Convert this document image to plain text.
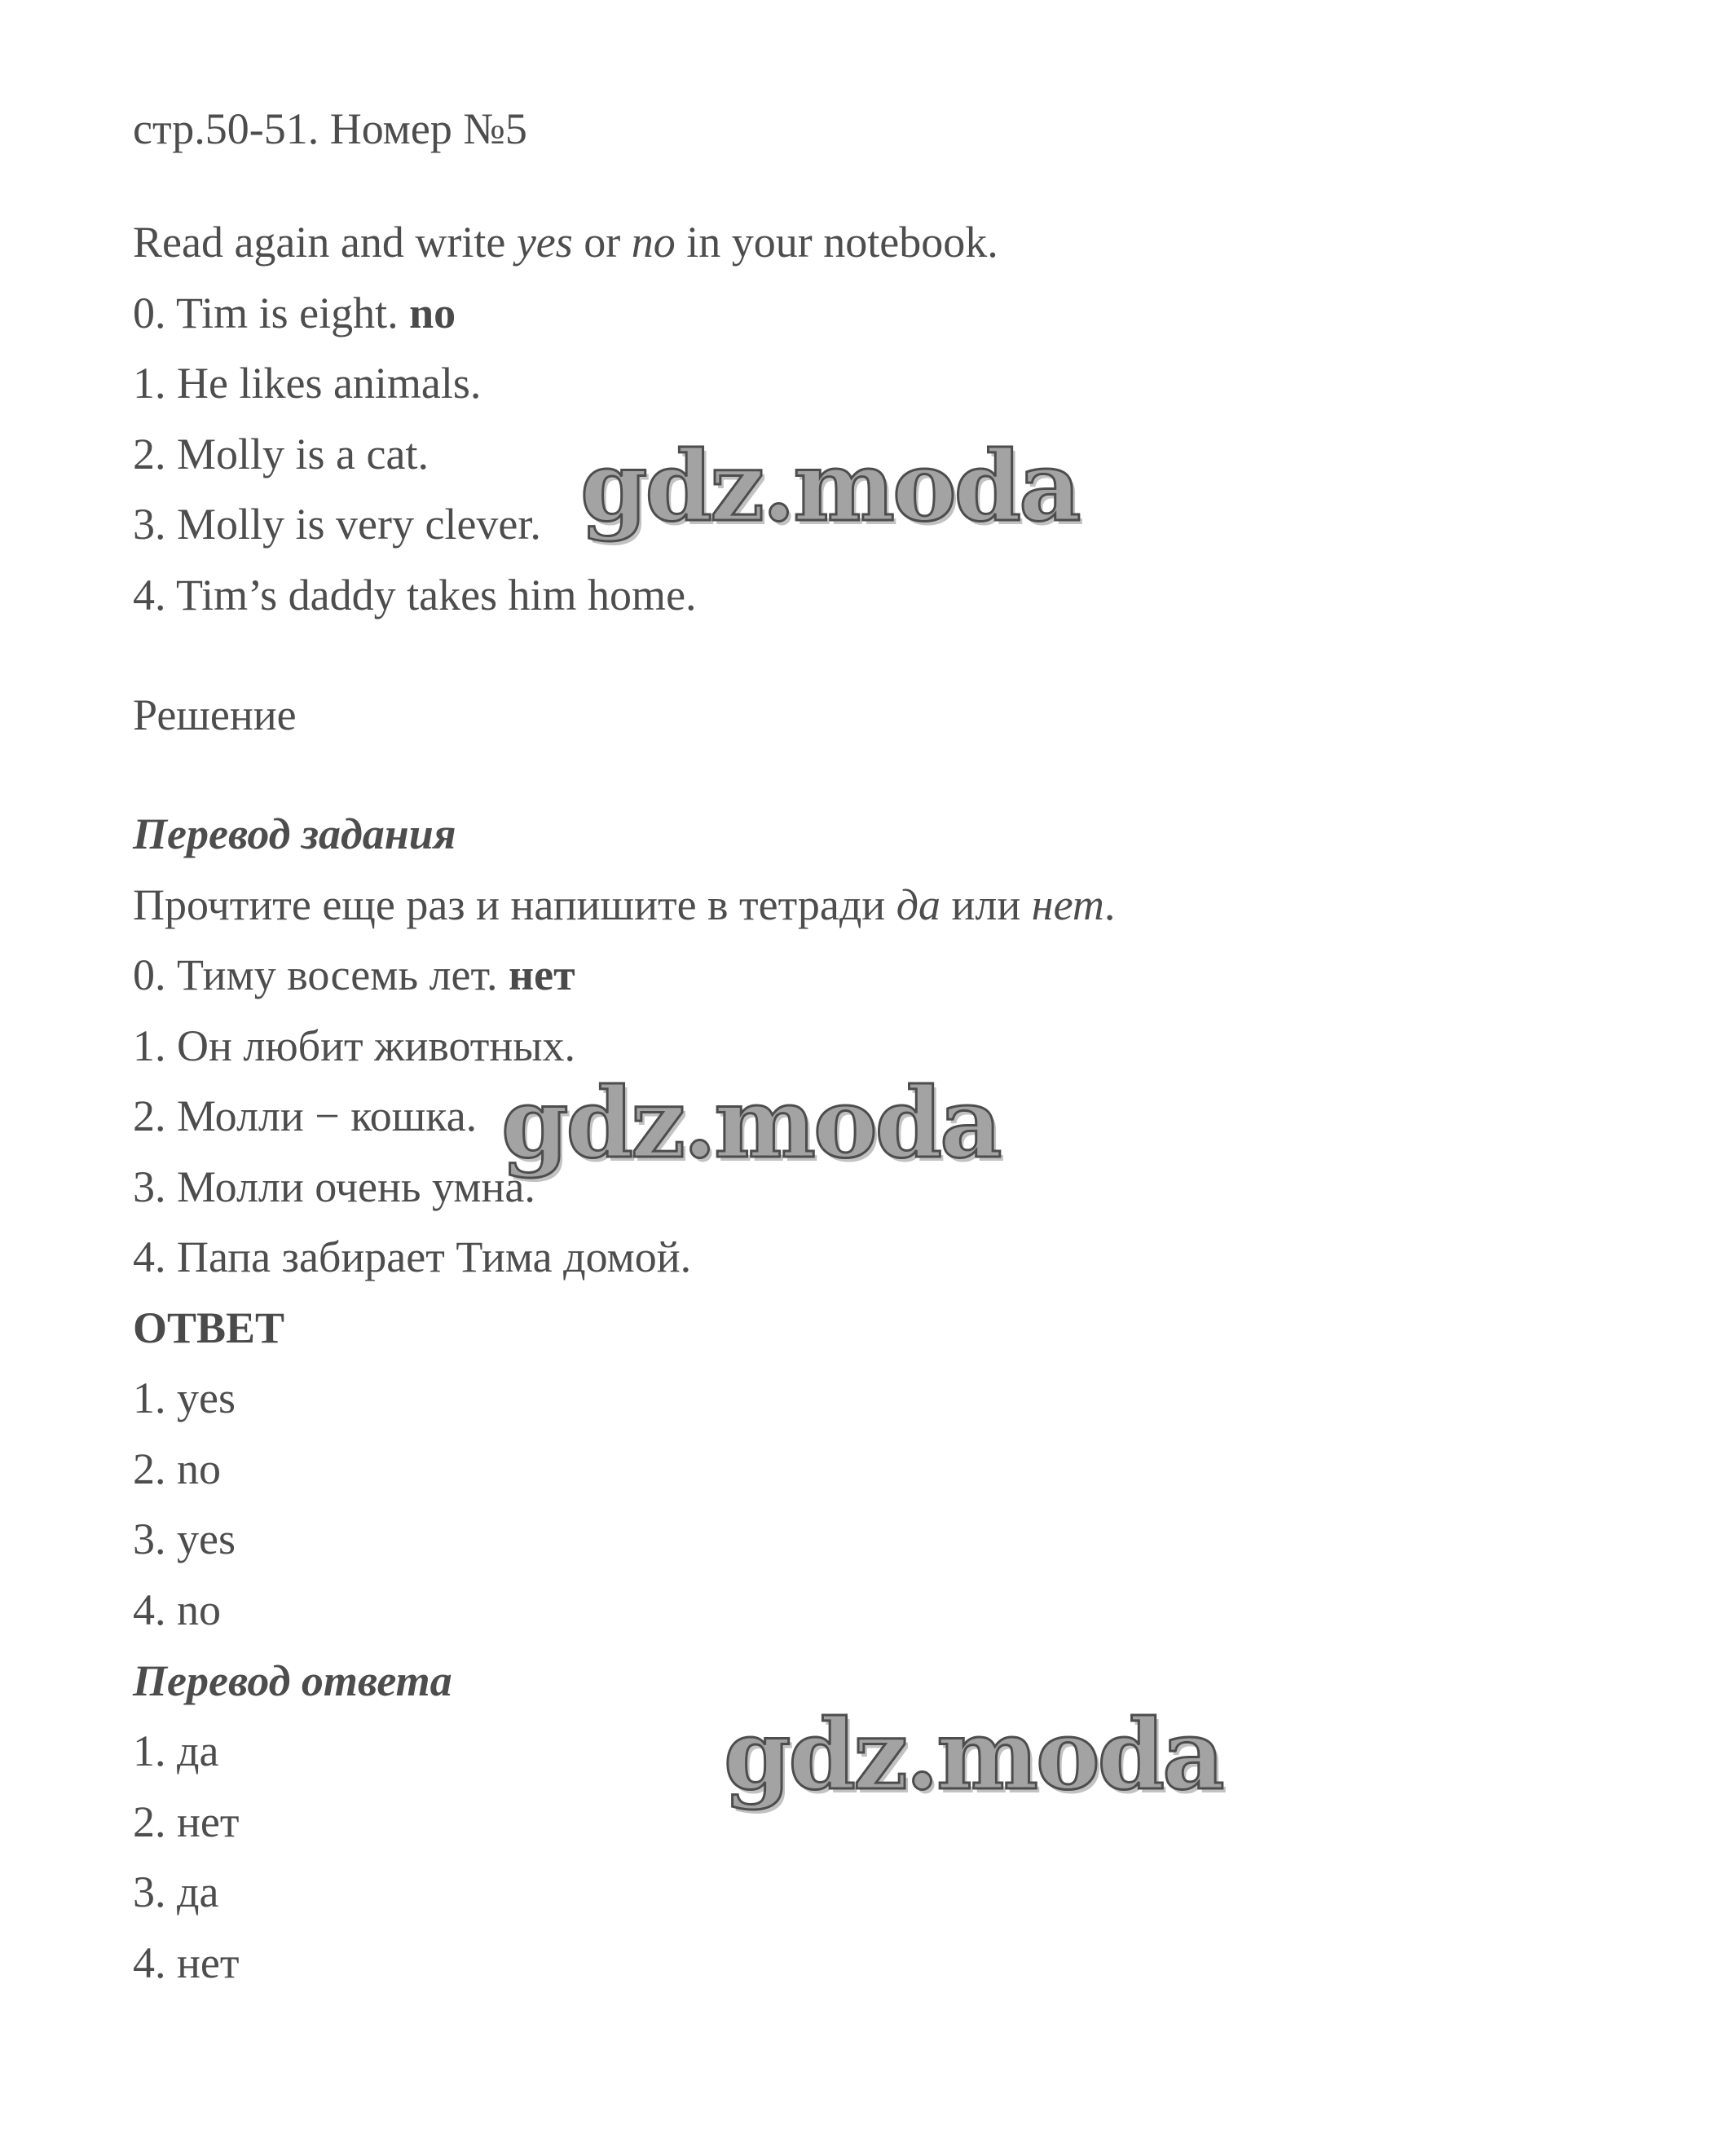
стр.50-51. Номер №5
Read again and write yes or no in your notebook.
0. Tim is eight. no
1. He likes animals.
2. Molly is a cat.
3. Molly is very clever.
4. Tim’s daddy takes him home.
Решение
Перевод задания
Прочтите еще раз и напишите в тетради да или нет.
0. Тиму восемь лет. нет
1. Он любит животных.
2. Молли − кошка.
3. Молли очень умна.
4. Папа забирает Тима домой.
ОТВЕТ
1. yes
2. no
3. yes
4. no
Перевод ответа
1. да
2. нет
3. да
4. нет
gdz.moda
gdz.moda
gdz.moda
